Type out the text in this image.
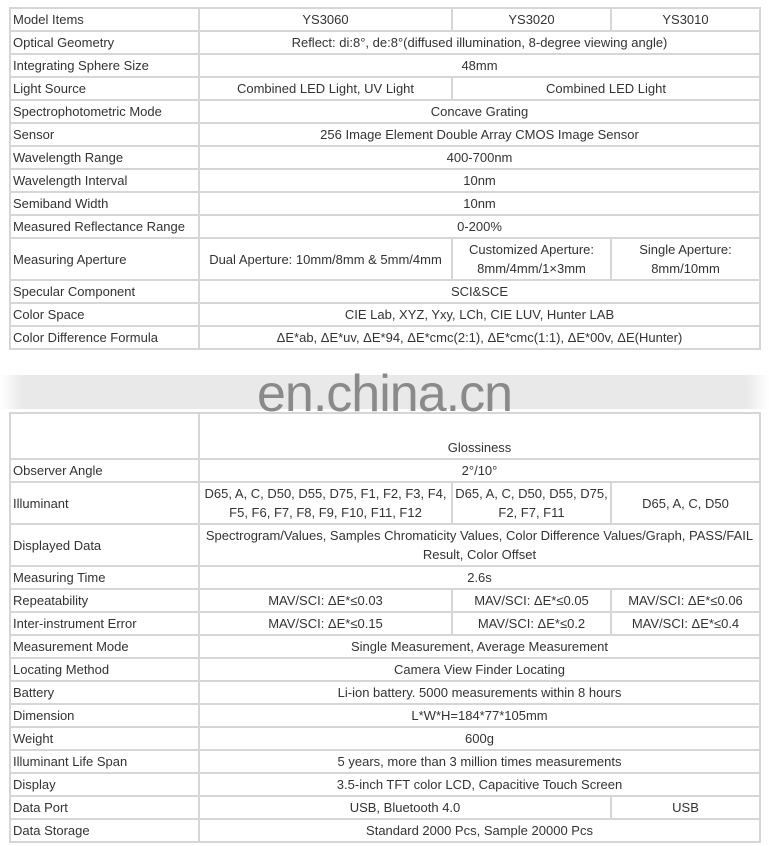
en.china.cn
Model Items	YS3060	YS3020	YS3010
Optical Geometry	Reflect: di:8°, de:8°(diffused illumination, 8-degree viewing angle)		
Integrating Sphere Size	48mm		
Light Source	Combined LED Light, UV Light	Combined LED Light	
Spectrophotometric Mode	Concave Grating		
Sensor	256 Image Element Double Array CMOS Image Sensor		
Wavelength Range	400-700nm		
Wavelength Interval	10nm		
Semiband Width	10nm		
Measured Reflectance Range	0-200%		
Measuring Aperture	Dual Aperture: 10mm/8mm & 5mm/4mm	Customized Aperture: 8mm/4mm/1×3mm	Single Aperture: 8mm/10mm
Specular Component	SCI&SCE		
Color Space	CIE Lab, XYZ, Yxy, LCh, CIE LUV, Hunter LAB		
Color Difference Formula	ΔE*ab, ΔE*uv, ΔE*94, ΔE*cmc(2:1), ΔE*cmc(1:1), ΔE*00v, ΔE(Hunter)		
	Glossiness		
Observer Angle	2°/10°		
Illuminant	D65, A, C, D50, D55, D75, F1, F2, F3, F4, F5, F6, F7, F8, F9, F10, F11, F12	D65, A, C, D50, D55, D75, F2, F7, F11	D65, A, C, D50
Displayed Data	Spectrogram/Values, Samples Chromaticity Values, Color Difference Values/Graph, PASS/FAIL Result, Color Offset		
Measuring Time	2.6s		
Repeatability	MAV/SCI: ΔE*≤0.03	MAV/SCI: ΔE*≤0.05	MAV/SCI: ΔE*≤0.06
Inter-instrument Error	MAV/SCI: ΔE*≤0.15	MAV/SCI: ΔE*≤0.2	MAV/SCI: ΔE*≤0.4
Measurement Mode	Single Measurement, Average Measurement		
Locating Method	Camera View Finder Locating		
Battery	Li-ion battery. 5000 measurements within 8 hours		
Dimension	L*W*H=184*77*105mm		
Weight	600g		
Illuminant Life Span	5 years, more than 3 million times measurements		
Display	3.5-inch TFT color LCD, Capacitive Touch Screen		
Data Port	USB, Bluetooth 4.0		USB
Data Storage	Standard 2000 Pcs, Sample 20000 Pcs		
